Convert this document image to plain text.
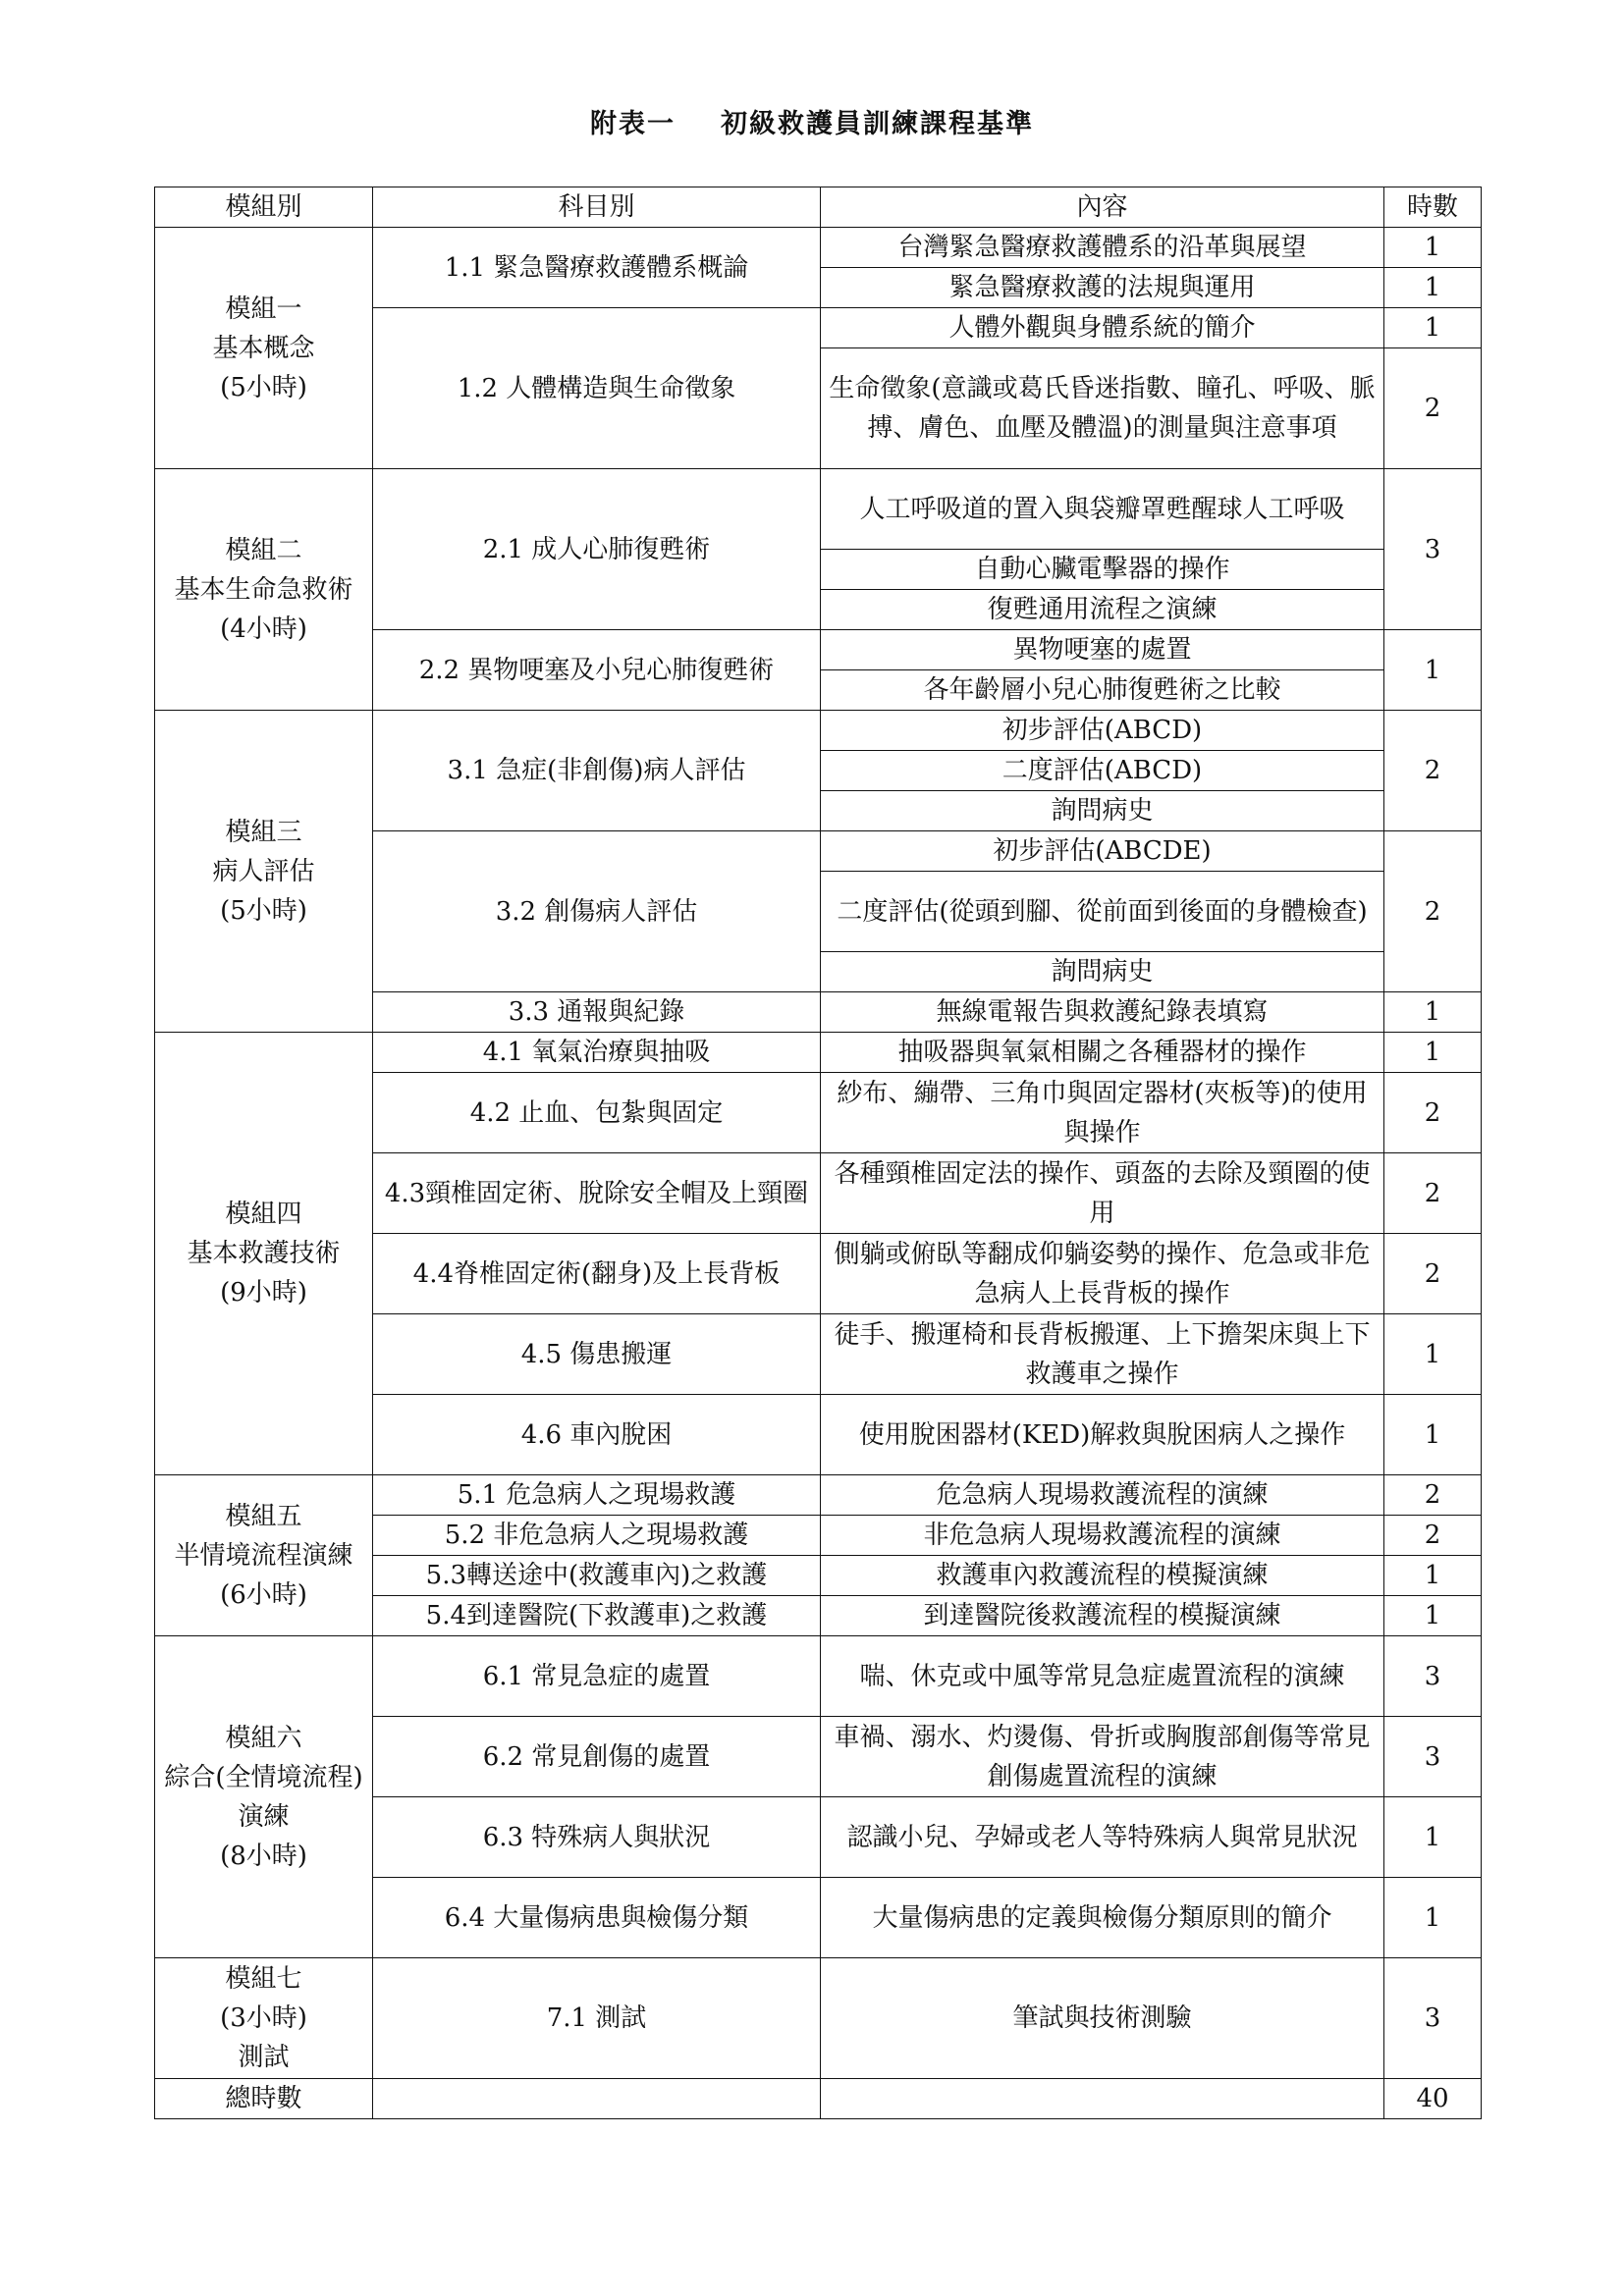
附表一 初級救護員訓練課程基準
模組別	科目別	內容	時數

模組一
基本概念
(5小時)	1.1 緊急醫療救護體系概論	台灣緊急醫療救護體系的沿革與展望	1
		緊急醫療救護的法規與運用	1
	1.2 人體構造與生命徵象	人體外觀與身體系統的簡介	1
		生命徵象(意識或葛氏昏迷指數、瞳孔、呼吸、脈搏、膚色、血壓及體溫)的測量與注意事項	2

模組二
基本生命急救術
(4小時)	2.1 成人心肺復甦術	人工呼吸道的置入與袋瓣罩甦醒球人工呼吸	3
		自動心臟電擊器的操作	
		復甦通用流程之演練	
	2.2 異物哽塞及小兒心肺復甦術	異物哽塞的處置	1
		各年齡層小兒心肺復甦術之比較	

模組三
病人評估
(5小時)	3.1 急症(非創傷)病人評估	初步評估(ABCD)	2
		二度評估(ABCD)	
		詢問病史	
	3.2 創傷病人評估	初步評估(ABCDE)	2
		二度評估(從頭到腳、從前面到後面的身體檢查)	
		詢問病史	
	3.3 通報與紀錄	無線電報告與救護紀錄表填寫	1

模組四
基本救護技術
(9小時)	4.1 氧氣治療與抽吸	抽吸器與氧氣相關之各種器材的操作	1
	4.2 止血、包紮與固定	紗布、繃帶、三角巾與固定器材(夾板等)的使用與操作	2
	4.3頸椎固定術、脫除安全帽及上頸圈	各種頸椎固定法的操作、頭盔的去除及頸圈的使用	2
	4.4脊椎固定術(翻身)及上長背板	側躺或俯臥等翻成仰躺姿勢的操作、危急或非危急病人上長背板的操作	2
	4.5 傷患搬運	徒手、搬運椅和長背板搬運、上下擔架床與上下救護車之操作	1
	4.6 車內脫困	使用脫困器材(KED)解救與脫困病人之操作	1

模組五
半情境流程演練
(6小時)	5.1 危急病人之現場救護	危急病人現場救護流程的演練	2
	5.2 非危急病人之現場救護	非危急病人現場救護流程的演練	2
	5.3轉送途中(救護車內)之救護	救護車內救護流程的模擬演練	1
	5.4到達醫院(下救護車)之救護	到達醫院後救護流程的模擬演練	1

模組六
綜合(全情境流程)演練
(8小時)	6.1 常見急症的處置	喘、休克或中風等常見急症處置流程的演練	3
	6.2 常見創傷的處置	車禍、溺水、灼燙傷、骨折或胸腹部創傷等常見創傷處置流程的演練	3
	6.3 特殊病人與狀況	認識小兒、孕婦或老人等特殊病人與常見狀況	1
	6.4 大量傷病患與檢傷分類	大量傷病患的定義與檢傷分類原則的簡介	1

模組七
(3小時)
測試	7.1 測試	筆試與技術測驗	3
總時數			40
